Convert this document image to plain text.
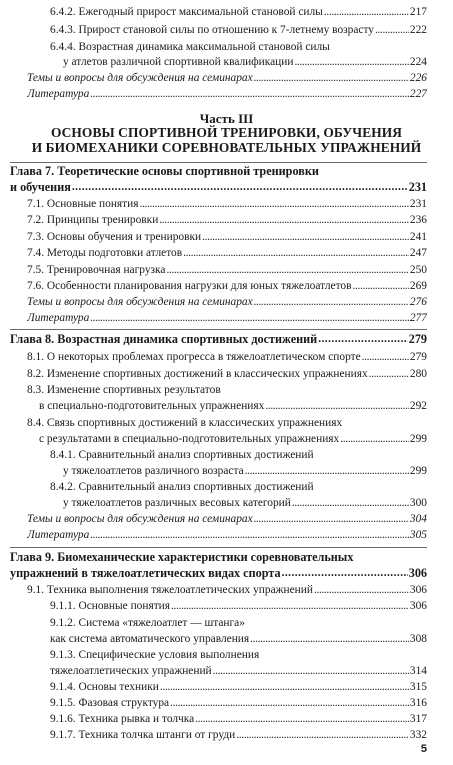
6.4.2. Ежегодный прирост максимальной становой силы . . .	217
6.4.3. Прирост становой силы по отношению к 7-летнему возрасту . . .	222
6.4.4. Возрастная динамика максимальной становой силы
у атлетов различной спортивной квалификации . . .	224
Темы и вопросы для обсуждения на семинарах . . .	226
Литература . . .	227
Часть III
ОСНОВЫ СПОРТИВНОЙ ТРЕНИРОВКИ, ОБУЧЕНИЯ
И БИОМЕХАНИКИ СОРЕВНОВАТЕЛЬНЫХ УПРАЖНЕНИЙ
Глава 7. Теоретические основы спортивной тренировки
и обучения . . .	231
7.1. Основные понятия . . .	231
7.2. Принципы тренировки . . .	236
7.3. Основы обучения и тренировки . . .	241
7.4. Методы подготовки атлетов . . .	247
7.5. Тренировочная нагрузка . . .	250
7.6. Особенности планирования нагрузки для юных тяжелоатлетов . . .	269
Темы и вопросы для обсуждения на семинарах . . .	276
Литература . . .	277
Глава 8. Возрастная динамика спортивных достижений . . .	279
8.1. О некоторых проблемах прогресса в тяжелоатлетическом спорте . . .	279
8.2. Изменение спортивных достижений в классических упражнениях . . .	280
8.3. Изменение спортивных результатов
в специально-подготовительных упражнениях . . .	292
8.4. Связь спортивных достижений в классических упражнениях
с результатами в специально-подготовительных упражнениях . . .	299
8.4.1. Сравнительный анализ спортивных достижений
у тяжелоатлетов различного возраста . . .	299
8.4.2. Сравнительный анализ спортивных достижений
у тяжелоатлетов различных весовых категорий . . .	300
Темы и вопросы для обсуждения на семинарах . . .	304
Литература . . .	305
Глава 9. Биомеханические характеристики соревновательных
упражнений в тяжелоатлетических видах спорта . . .	306
9.1. Техника выполнения тяжелоатлетических упражнений . . .	306
9.1.1. Основные понятия . . .	306
9.1.2. Система «тяжелоатлет — штанга»
как система автоматического управления . . .	308
9.1.3. Специфические условия выполнения
тяжелоатлетических упражнений . . .	314
9.1.4. Основы техники . . .	315
9.1.5. Фазовая структура . . .	316
9.1.6. Техника рывка и толчка . . .	317
9.1.7. Техника толчка штанги от груди . . .	332
5
